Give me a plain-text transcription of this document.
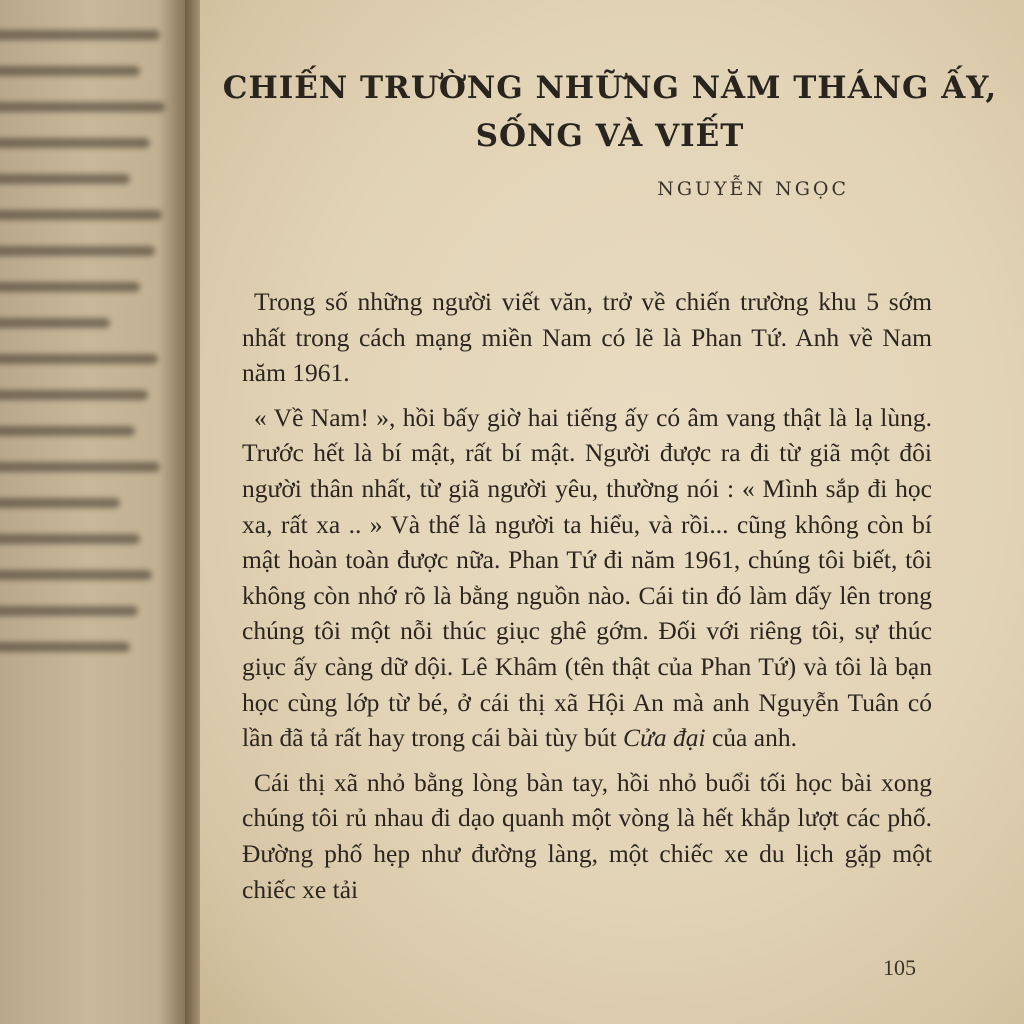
CHIẾN TRƯỜNG NHỮNG NĂM THÁNG ẤY,
SỐNG VÀ VIẾT
NGUYỄN NGỌC

Trong số những người viết văn, trở về chiến trường khu 5 sớm nhất trong cách mạng miền Nam có lẽ là Phan Tứ. Anh về Nam năm 1961.

« Về Nam! », hồi bấy giờ hai tiếng ấy có âm vang thật là lạ lùng. Trước hết là bí mật, rất bí mật. Người được ra đi từ giã một đôi người thân nhất, từ giã người yêu, thường nói : « Mình sắp đi học xa, rất xa .. » Và thế là người ta hiểu, và rồi... cũng không còn bí mật hoàn toàn được nữa. Phan Tứ đi năm 1961, chúng tôi biết, tôi không còn nhớ rõ là bằng nguồn nào. Cái tin đó làm dấy lên trong chúng tôi một nỗi thúc giục ghê gớm. Đối với riêng tôi, sự thúc giục ấy càng dữ dội. Lê Khâm (tên thật của Phan Tứ) và tôi là bạn học cùng lớp từ bé, ở cái thị xã Hội An mà anh Nguyễn Tuân có lần đã tả rất hay trong cái bài tùy bút Cửa đại của anh.

Cái thị xã nhỏ bằng lòng bàn tay, hồi nhỏ buổi tối học bài xong chúng tôi rủ nhau đi dạo quanh một vòng là hết khắp lượt các phố. Đường phố hẹp như đường làng, một chiếc xe du lịch gặp một chiếc xe tải

105
